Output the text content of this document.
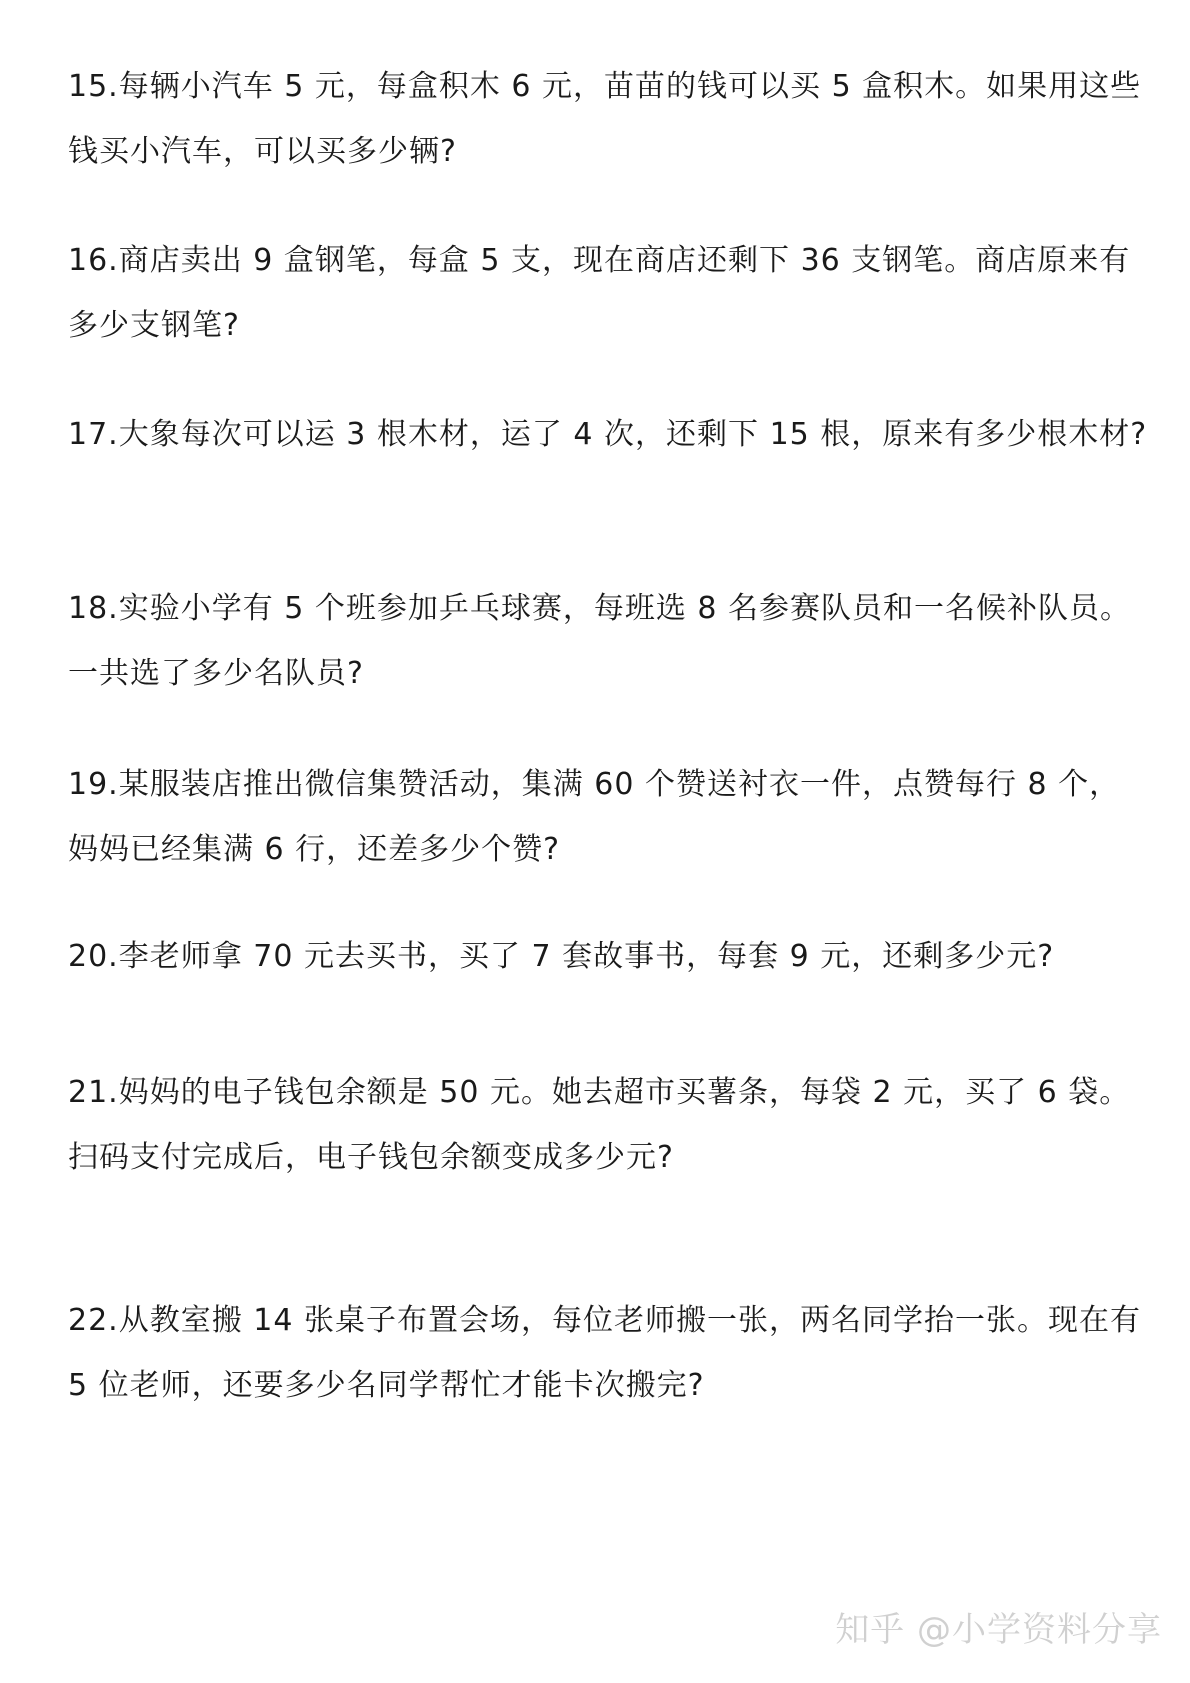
15.每辆小汽车 5 元，每盒积木 6 元，苗苗的钱可以买 5 盒积木。如果用这些钱买小汽车，可以买多少辆?

16.商店卖出 9 盒钢笔，每盒 5 支，现在商店还剩下 36 支钢笔。商店原来有多少支钢笔?

17.大象每次可以运 3 根木材，运了 4 次，还剩下 15 根，原来有多少根木材?

18.实验小学有 5 个班参加乒乓球赛，每班选 8 名参赛队员和一名候补队员。一共选了多少名队员?

19.某服装店推出微信集赞活动，集满 60 个赞送衬衣一件，点赞每行 8 个，妈妈已经集满 6 行，还差多少个赞?

20.李老师拿 70 元去买书，买了 7 套故事书，每套 9 元，还剩多少元?

21.妈妈的电子钱包余额是 50 元。她去超市买薯条，每袋 2 元，买了 6 袋。扫码支付完成后，电子钱包余额变成多少元?

22.从教室搬 14 张桌子布置会场，每位老师搬一张，两名同学抬一张。现在有 5 位老师，还要多少名同学帮忙才能卡次搬完?

知乎 @小学资料分享
